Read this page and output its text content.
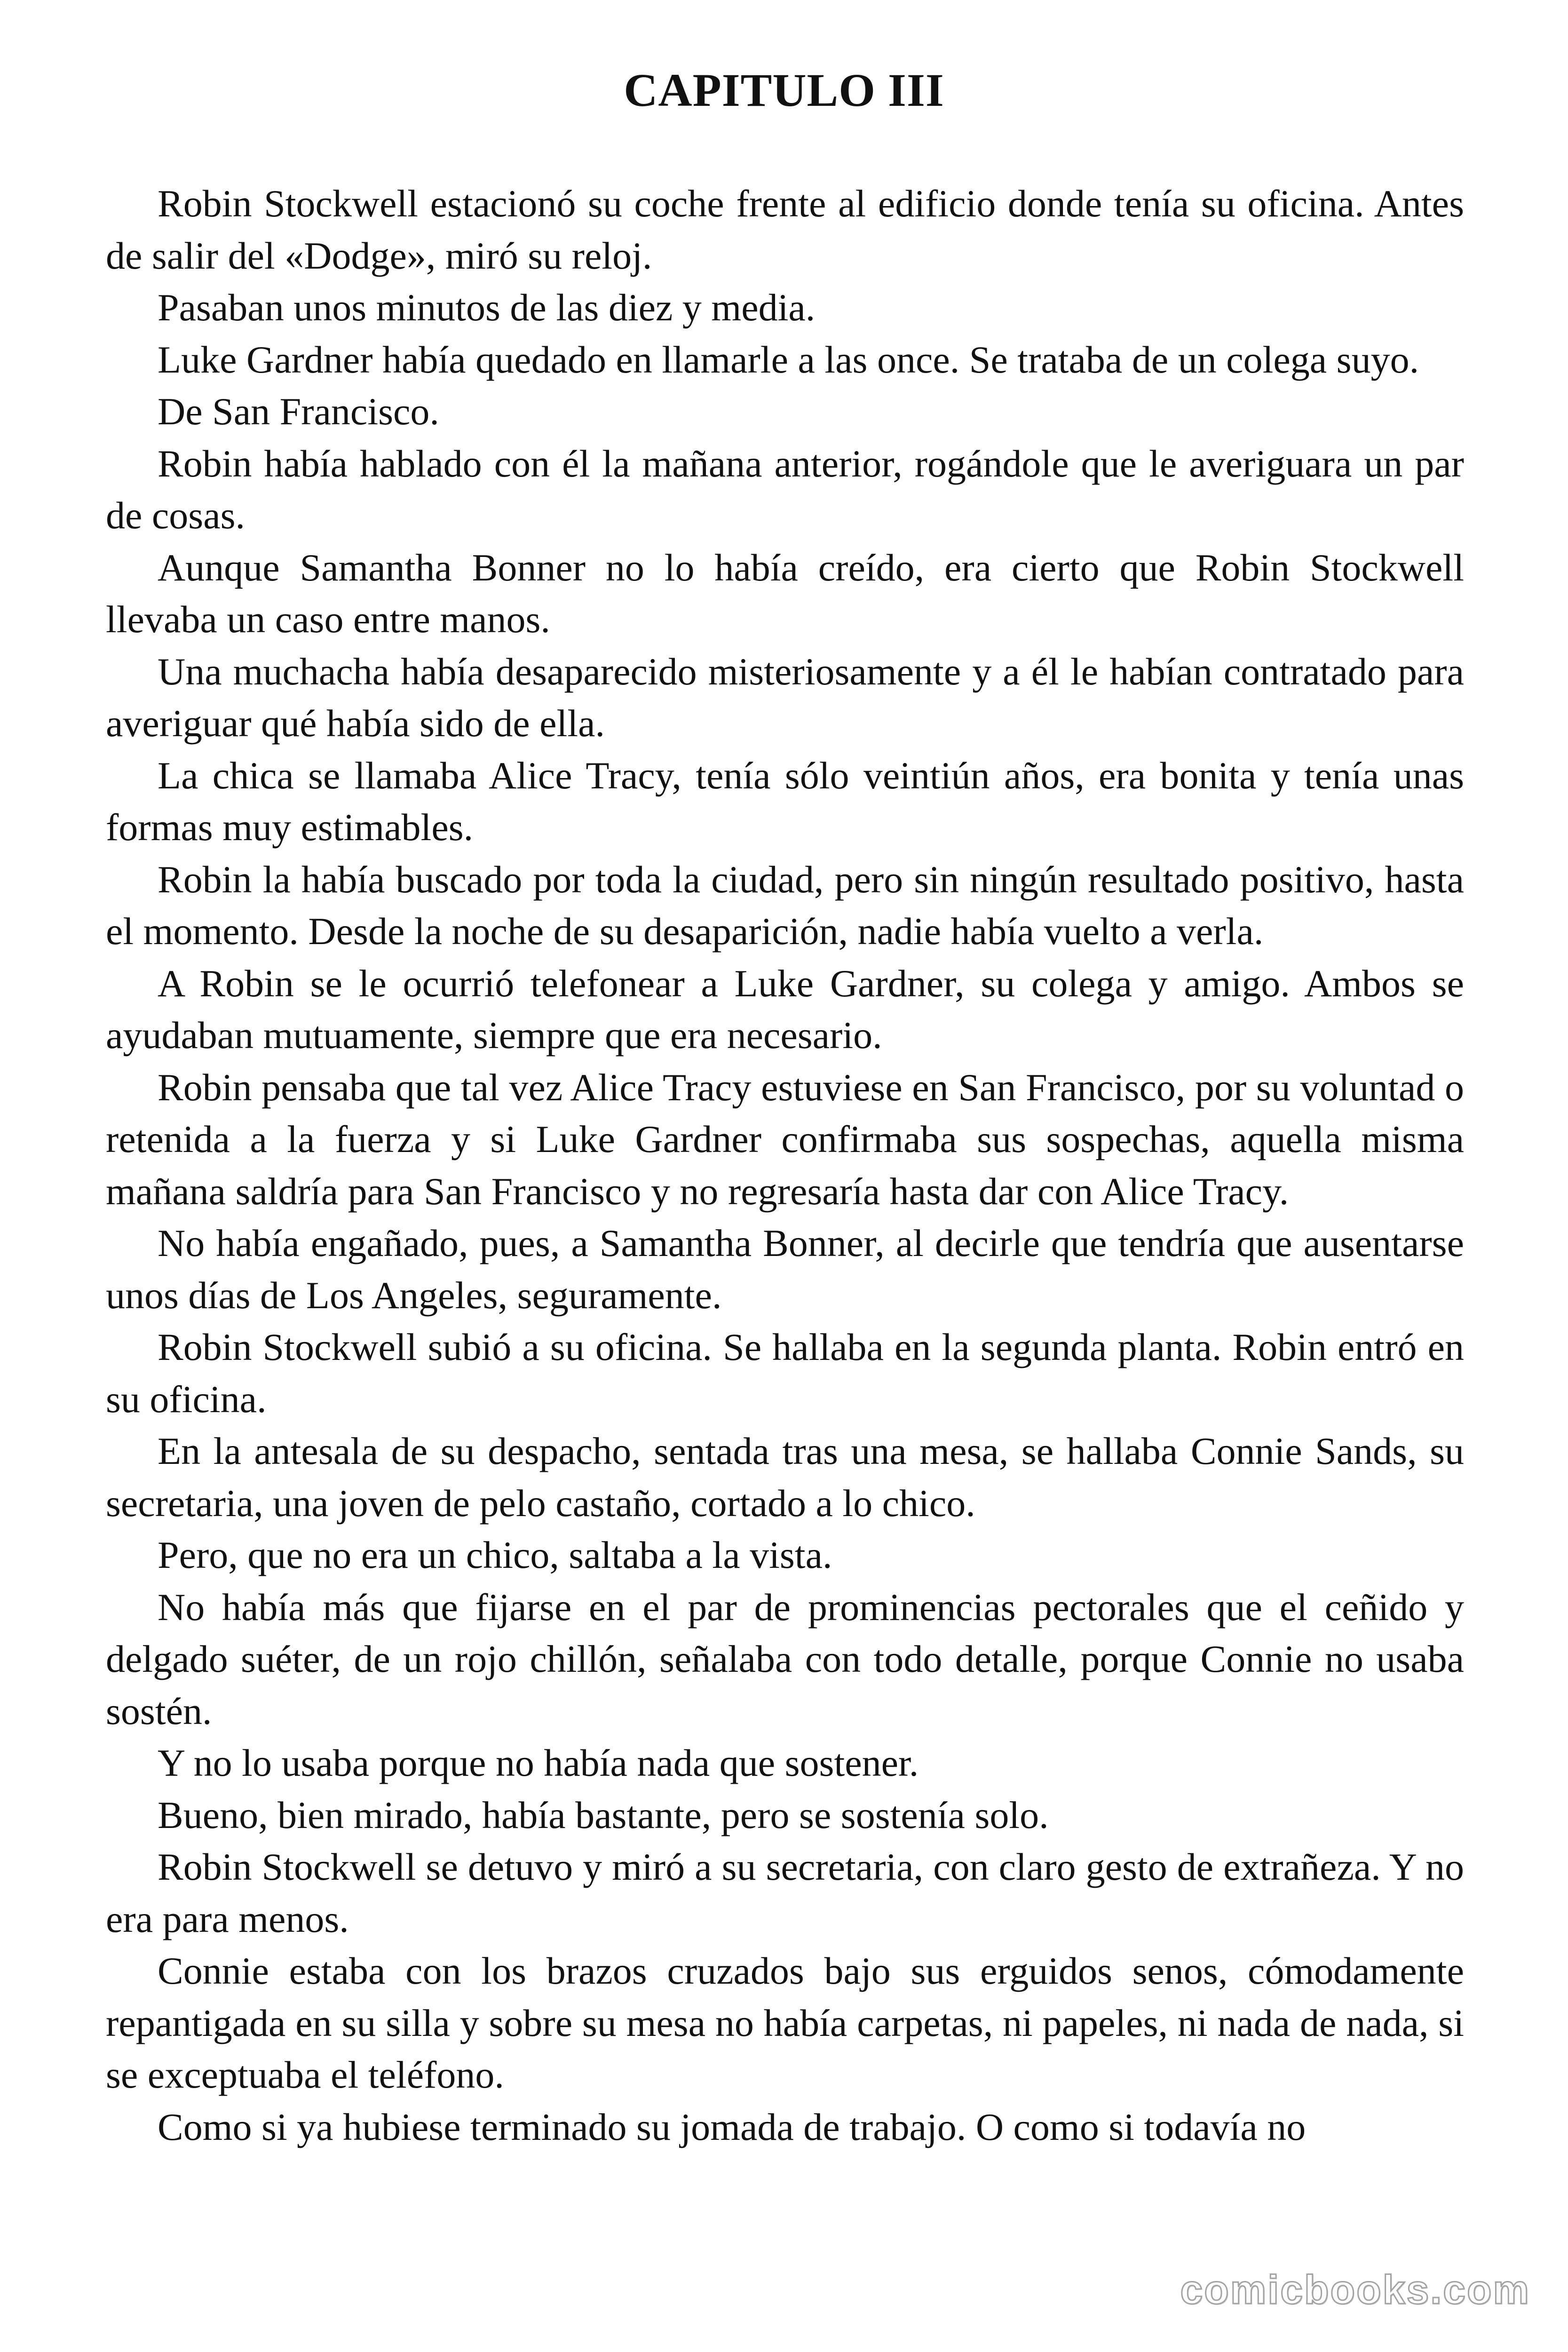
CAPITULO III

Robin Stockwell estacionó su coche frente al edificio donde tenía su oficina. Antes de salir del «Dodge», miró su reloj.

Pasaban unos minutos de las diez y media.

Luke Gardner había quedado en llamarle a las once. Se trataba de un colega suyo.

De San Francisco.

Robin había hablado con él la mañana anterior, rogándole que le averiguara un par de cosas.

Aunque Samantha Bonner no lo había creído, era cierto que Robin Stockwell llevaba un caso entre manos.

Una muchacha había desaparecido misteriosamente y a él le habían contratado para averiguar qué había sido de ella.

La chica se llamaba Alice Tracy, tenía sólo veintiún años, era bonita y tenía unas formas muy estimables.

Robin la había buscado por toda la ciudad, pero sin ningún resultado positivo, hasta el momento. Desde la noche de su desaparición, nadie había vuelto a verla.

A Robin se le ocurrió telefonear a Luke Gardner, su colega y amigo. Ambos se ayudaban mutuamente, siempre que era necesario.

Robin pensaba que tal vez Alice Tracy estuviese en San Francisco, por su voluntad o retenida a la fuerza y si Luke Gardner confirmaba sus sospechas, aquella misma mañana saldría para San Francisco y no regresaría hasta dar con Alice Tracy.

No había engañado, pues, a Samantha Bonner, al decirle que tendría que ausentarse unos días de Los Angeles, seguramente.

Robin Stockwell subió a su oficina. Se hallaba en la segunda planta. Robin entró en su oficina.

En la antesala de su despacho, sentada tras una mesa, se hallaba Connie Sands, su secretaria, una joven de pelo castaño, cortado a lo chico.

Pero, que no era un chico, saltaba a la vista.

No había más que fijarse en el par de prominencias pectorales que el ceñido y delgado suéter, de un rojo chillón, señalaba con todo detalle, porque Connie no usaba sostén.

Y no lo usaba porque no había nada que sostener.

Bueno, bien mirado, había bastante, pero se sostenía solo.

Robin Stockwell se detuvo y miró a su secretaria, con claro gesto de extrañeza. Y no era para menos.

Connie estaba con los brazos cruzados bajo sus erguidos senos, cómodamente repantigada en su silla y sobre su mesa no había carpetas, ni papeles, ni nada de nada, si se exceptuaba el teléfono.

Como si ya hubiese terminado su jomada de trabajo. O como si todavía no

comicbooks.com
